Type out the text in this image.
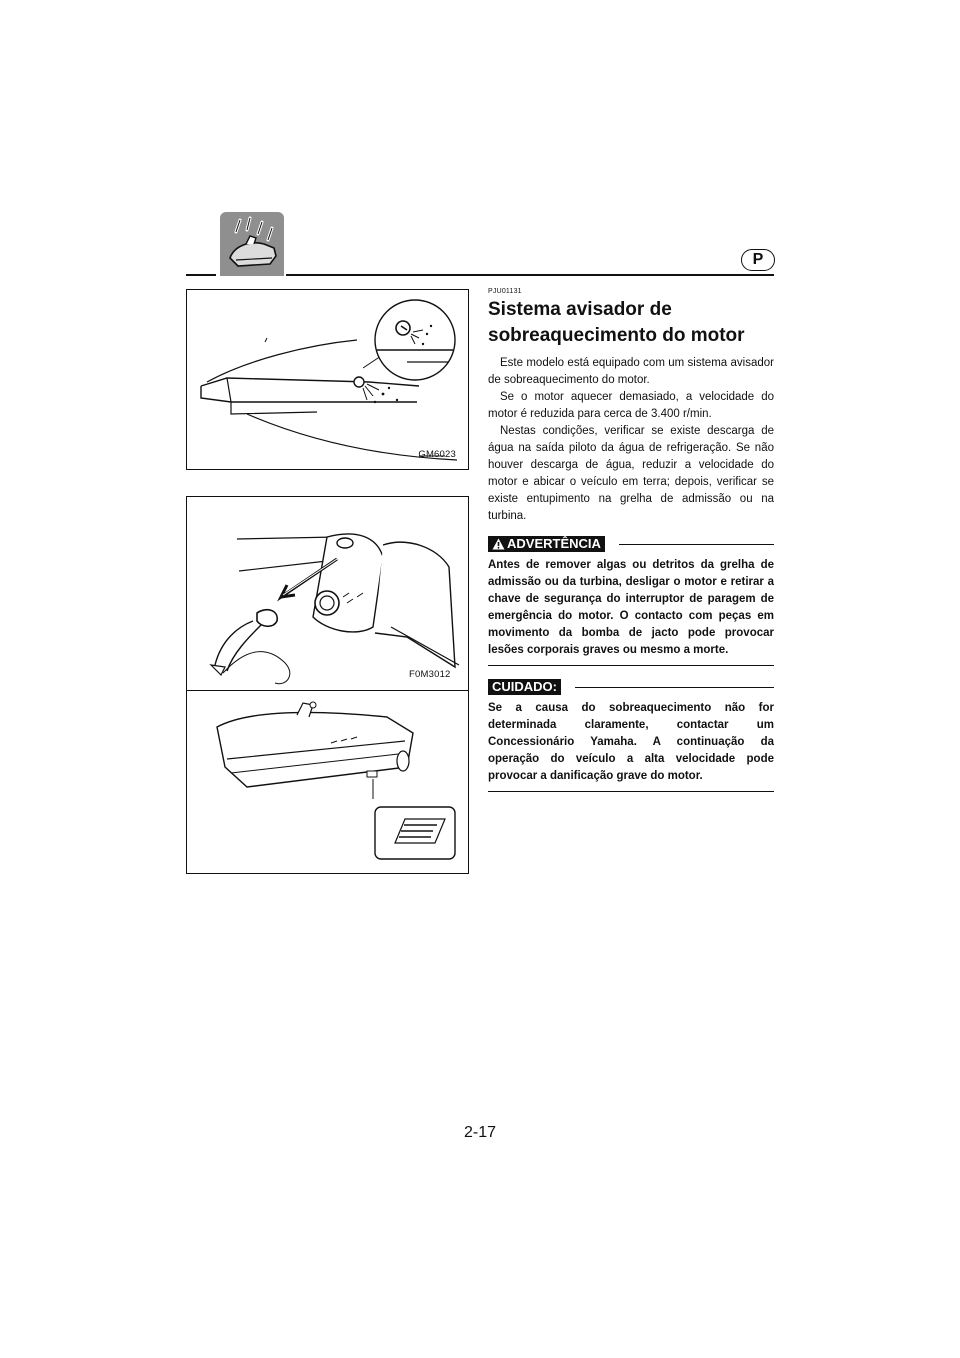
P
GM6023
F0M3012
PJU01131
Sistema avisador de sobreaquecimento do motor

Este modelo está equipado com um sistema avisador de sobreaquecimento do motor.

Se o motor aquecer demasiado, a velocidade do motor é reduzida para cerca de 3.400 r/min.

Nestas condições, verificar se existe descarga de água na saída piloto da água de refrigeração. Se não houver descarga de água, reduzir a velocidade do motor e abicar o veículo em terra; depois, verificar se existe entupimento na grelha de admissão ou na turbina.

ADVERTÊNCIA

Antes de remover algas ou detritos da grelha de admissão ou da turbina, desligar o motor e retirar a chave de segurança do interruptor de paragem de emergência do motor. O contacto com peças em movimento da bomba de jacto pode provocar lesões corporais graves ou mesmo a morte.

CUIDADO:

Se a causa do sobreaquecimento não for determinada claramente, contactar um Concessionário Yamaha. A continuação da operação do veículo a alta velocidade pode provocar a danificação grave do motor.

2-17
